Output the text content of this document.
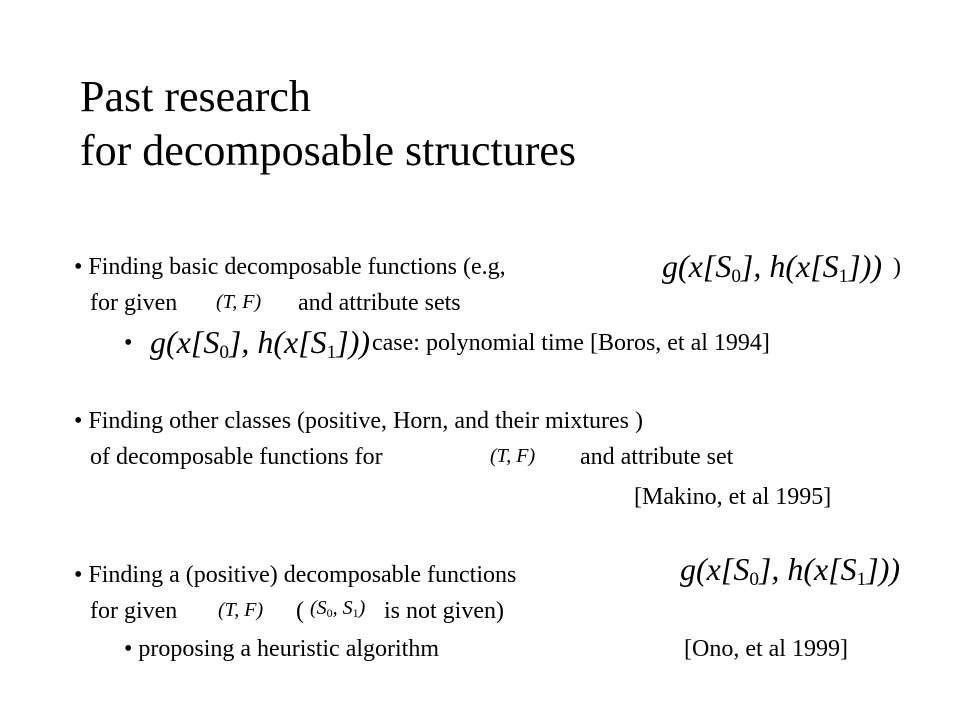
Past research
for decomposable structures
• Finding basic decomposable functions (e.g,	$g(x[S_0]$, $h(x[S_1])$) )
for given (T, F) and attribute sets
• $g(x[S_0]$, $h(x[S_1])$) case: polynomial time [Boros, et al 1994]
• Finding other classes (positive, Horn, and their mixtures )
of decomposable functions for	(T, F) and attribute set
[Makino, et al 1995]
• Finding a (positive) decomposable functions	$g(x[S_0]$, $h(x[S_1])$)
for given (T, F) ( ($S_0$, $S_1$) is not given)
• proposing a heuristic algorithm	[Ono, et al 1999]
